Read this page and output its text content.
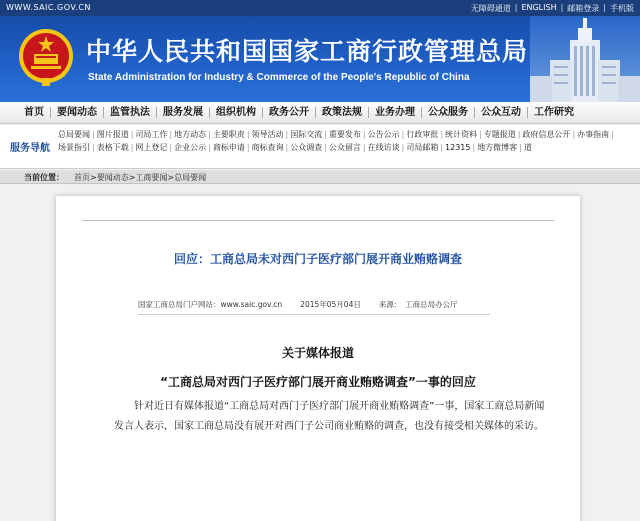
WWW.SAIC.GOV.CN	无障碍通道 | ENGLISH | 邮箱登录 | 手机版
中华人民共和国国家工商行政管理总局
State Administration for Industry & Commerce of the People's Republic of China
首页	要闻动态	监管执法	服务发展	组织机构	政务公开	政策法规	业务办理	公众服务	公众互动	工作研究
服务导航
总局要闻 | 图片报道 | 司局工作 | 地方动态 | 主要职责 | 领导活动 | 国际交流 | 重要发布 | 公告公示 | 行政审批 | 统计资料 | 专题报道 | 政府信息公开 | 办事指南 |场景指引 | 表格下载 | 网上登记 | 企业公示 | 商标申请 | 商标查询 | 公众调查 | 公众留言 | 在线访谈 | 司局邮箱 | 12315 | 地方微博客 | 道
当前位置： 首页>要闻动态>工商要闻>总局要闻
回应：工商总局未对西门子医疗部门展开商业贿赂调查
国家工商总局门户网站：www.saic.gov.cn 2015年05月04日 来源：　工商总局办公厅
关于媒体报道
“工商总局对西门子医疗部门展开商业贿赂调查”一事的回应

针对近日有媒体报道“工商总局对西门子医疗部门展开商业贿赂调查”一事，国家工商总局新闻发言人表示，国家工商总局没有展开对西门子公司商业贿赂的调查，也没有接受相关媒体的采访。
